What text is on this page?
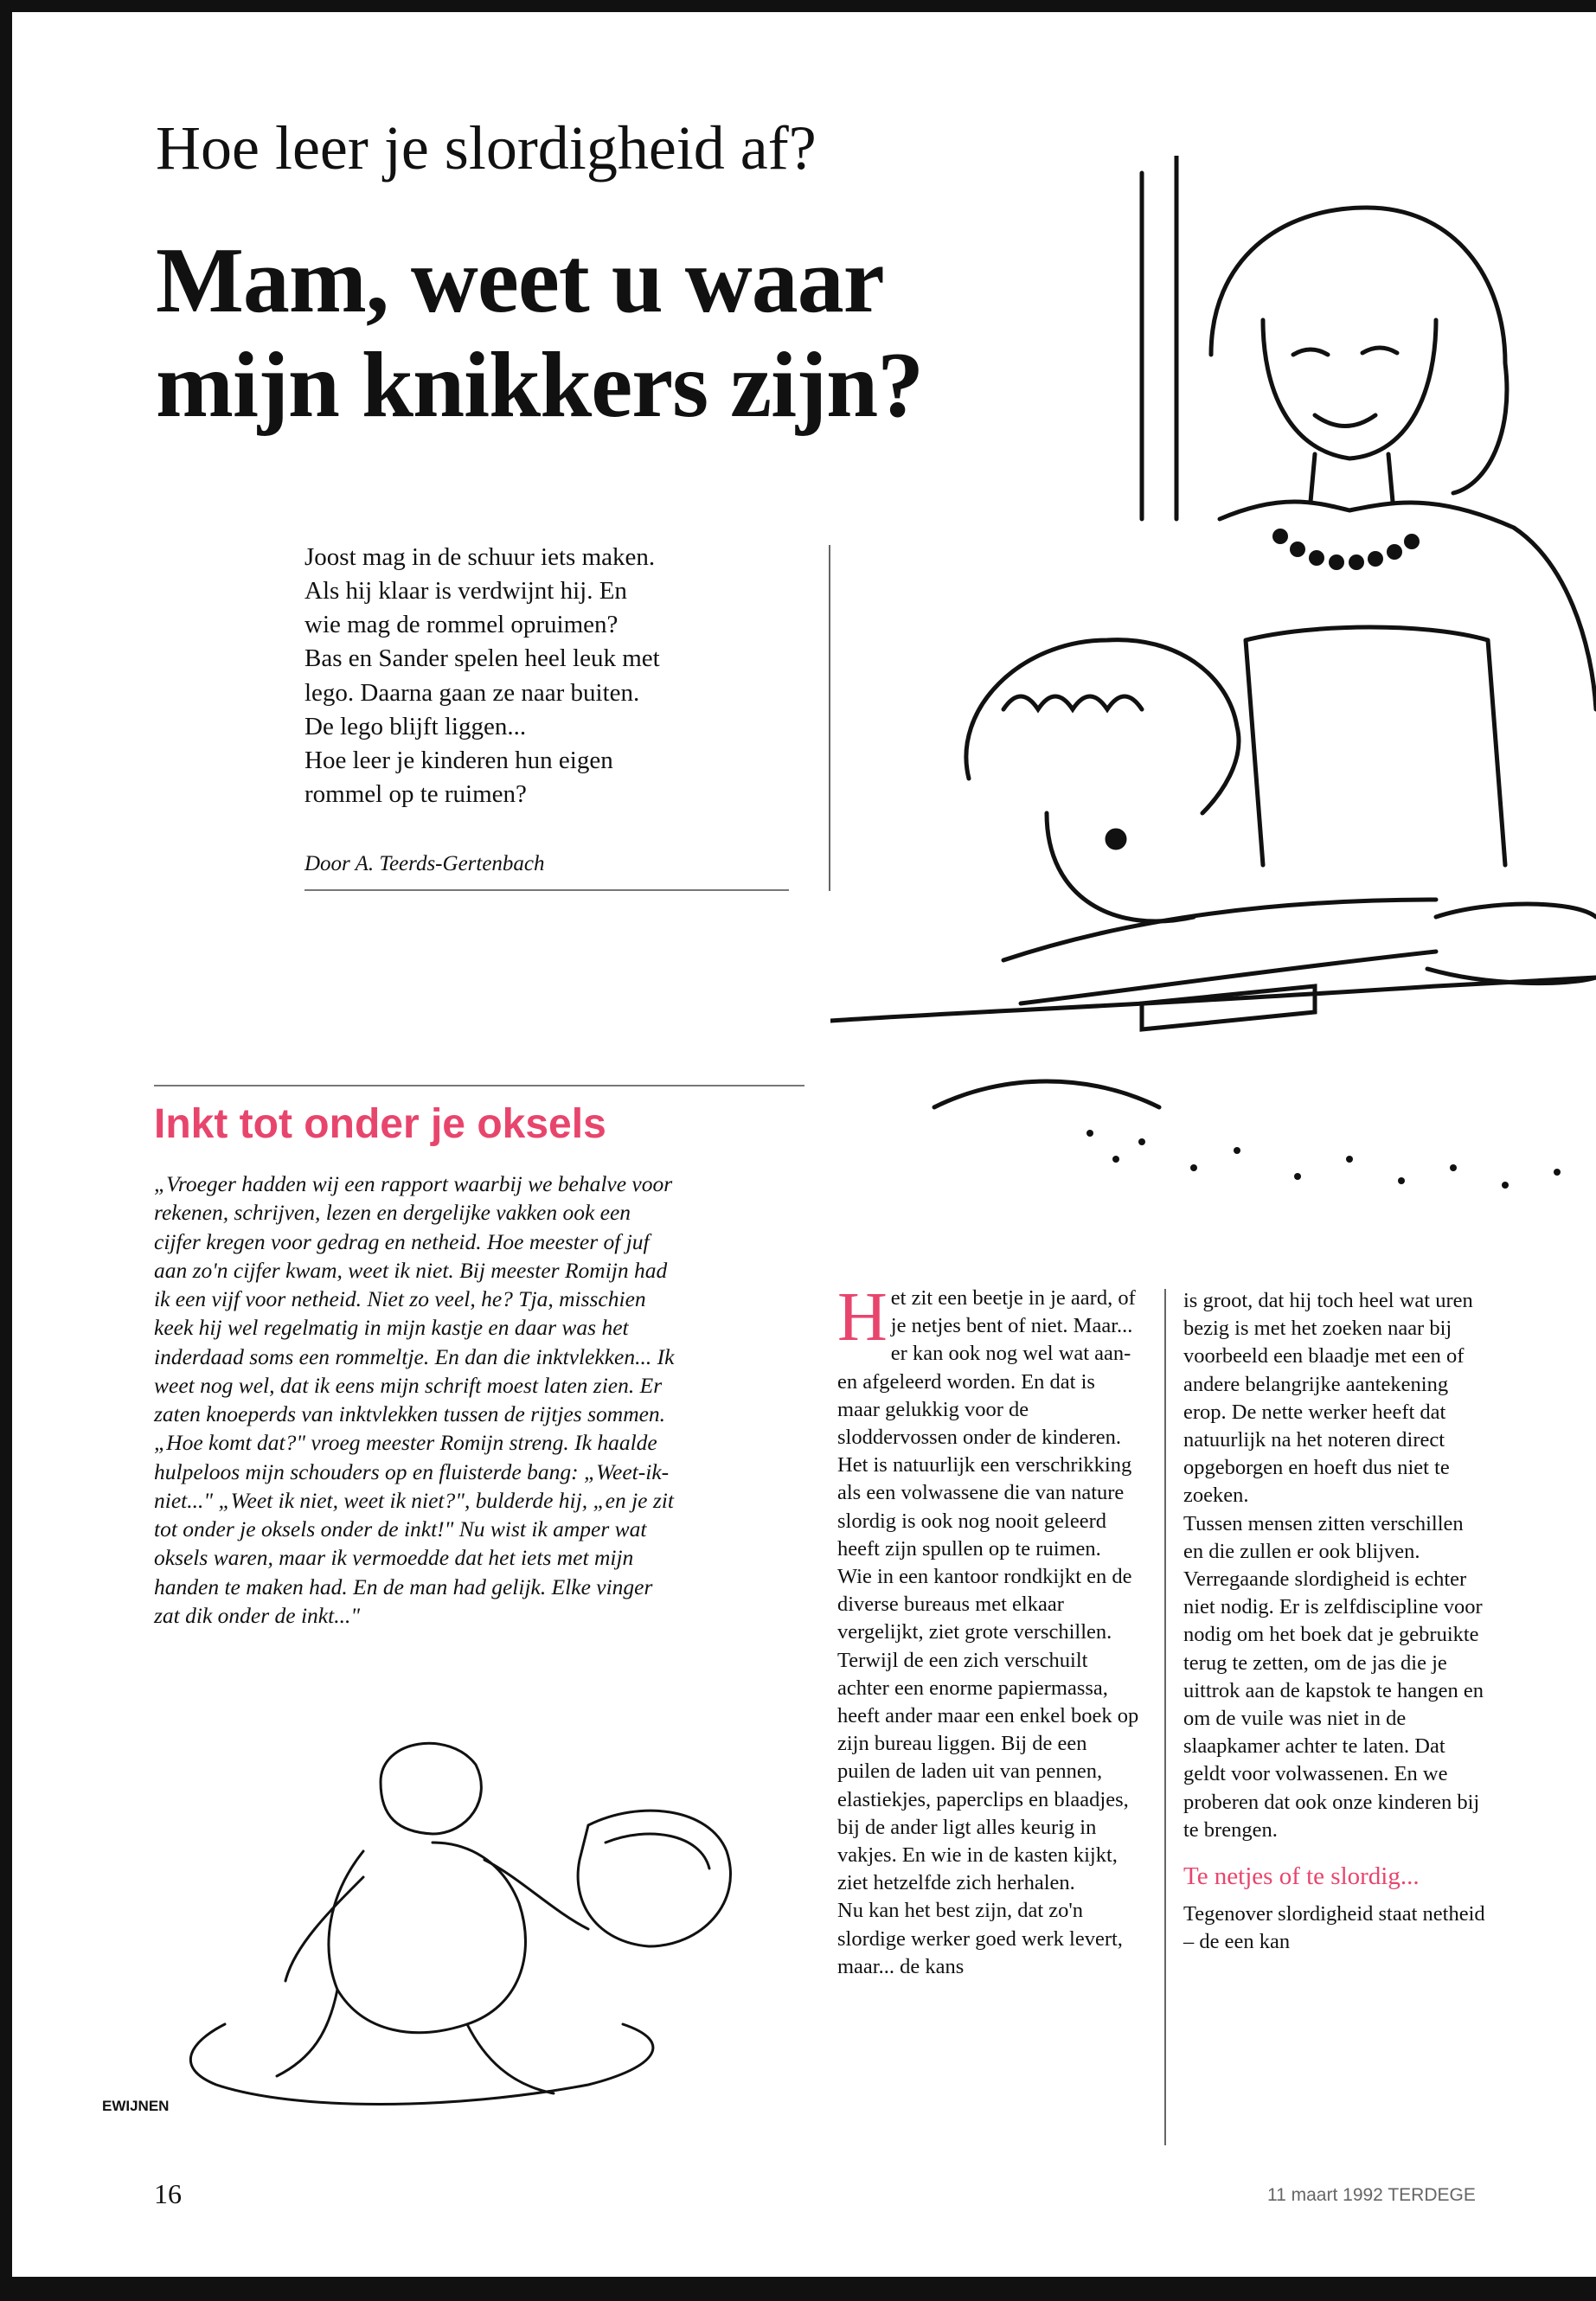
Hoe leer je slordigheid af?
Mam, weet u waar
mijn knikkers zijn?
Joost mag in de schuur iets maken.
Als hij klaar is verdwijnt hij. En
wie mag de rommel opruimen?
Bas en Sander spelen heel leuk met
lego. Daarna gaan ze naar buiten.
De lego blijft liggen...
Hoe leer je kinderen hun eigen
rommel op te ruimen?
Door A. Teerds-Gertenbach
Inkt tot onder je oksels
„Vroeger hadden wij een rapport waarbij we behalve voor rekenen, schrijven, lezen en dergelijke vakken ook een cijfer kregen voor gedrag en netheid. Hoe meester of juf aan zo'n cijfer kwam, weet ik niet. Bij meester Romijn had ik een vijf voor netheid. Niet zo veel, he? Tja, misschien keek hij wel regelmatig in mijn kastje en daar was het inderdaad soms een rommeltje. En dan die inktvlekken... Ik weet nog wel, dat ik eens mijn schrift moest laten zien. Er zaten knoeperds van inktvlekken tussen de rijtjes sommen. „Hoe komt dat?" vroeg meester Romijn streng. Ik haalde hulpeloos mijn schouders op en fluisterde bang: „Weet-ik-niet..." „Weet ik niet, weet ik niet?", bulderde hij, „en je zit tot onder je oksels onder de inkt!" Nu wist ik amper wat oksels waren, maar ik vermoedde dat het iets met mijn handen te maken had. En de man had gelijk. Elke vinger zat dik onder de inkt..."
EWIJNEN

Het zit een beetje in je aard, of je netjes bent of niet. Maar... er kan ook nog wel wat aan- en afgeleerd worden. En dat is maar gelukkig voor de sloddervossen onder de kinderen. Het is natuurlijk een verschrikking als een volwassene die van nature slordig is ook nog nooit geleerd heeft zijn spullen op te ruimen.

Wie in een kantoor rondkijkt en de diverse bureaus met elkaar vergelijkt, ziet grote verschillen. Terwijl de een zich verschuilt achter een enorme papiermassa, heeft ander maar een enkel boek op zijn bureau liggen. Bij de een puilen de laden uit van pennen, elastiekjes, paperclips en blaadjes, bij de ander ligt alles keurig in vakjes. En wie in de kasten kijkt, ziet hetzelfde zich herhalen.

Nu kan het best zijn, dat zo'n slordige werker goed werk levert, maar... de kans

is groot, dat hij toch heel wat uren bezig is met het zoeken naar bij voorbeeld een blaadje met een of andere belangrijke aantekening erop. De nette werker heeft dat natuurlijk na het noteren direct opgeborgen en hoeft dus niet te zoeken.

Tussen mensen zitten verschillen en die zullen er ook blijven. Verregaande slordigheid is echter niet nodig. Er is zelfdiscipline voor nodig om het boek dat je gebruikte terug te zetten, om de jas die je uittrok aan de kapstok te hangen en om de vuile was niet in de slaapkamer achter te laten. Dat geldt voor volwassenen. En we proberen dat ook onze kinderen bij te brengen.

Te netjes of te slordig...

Tegenover slordigheid staat netheid – de een kan

16	11 maart 1992 TERDEGE
